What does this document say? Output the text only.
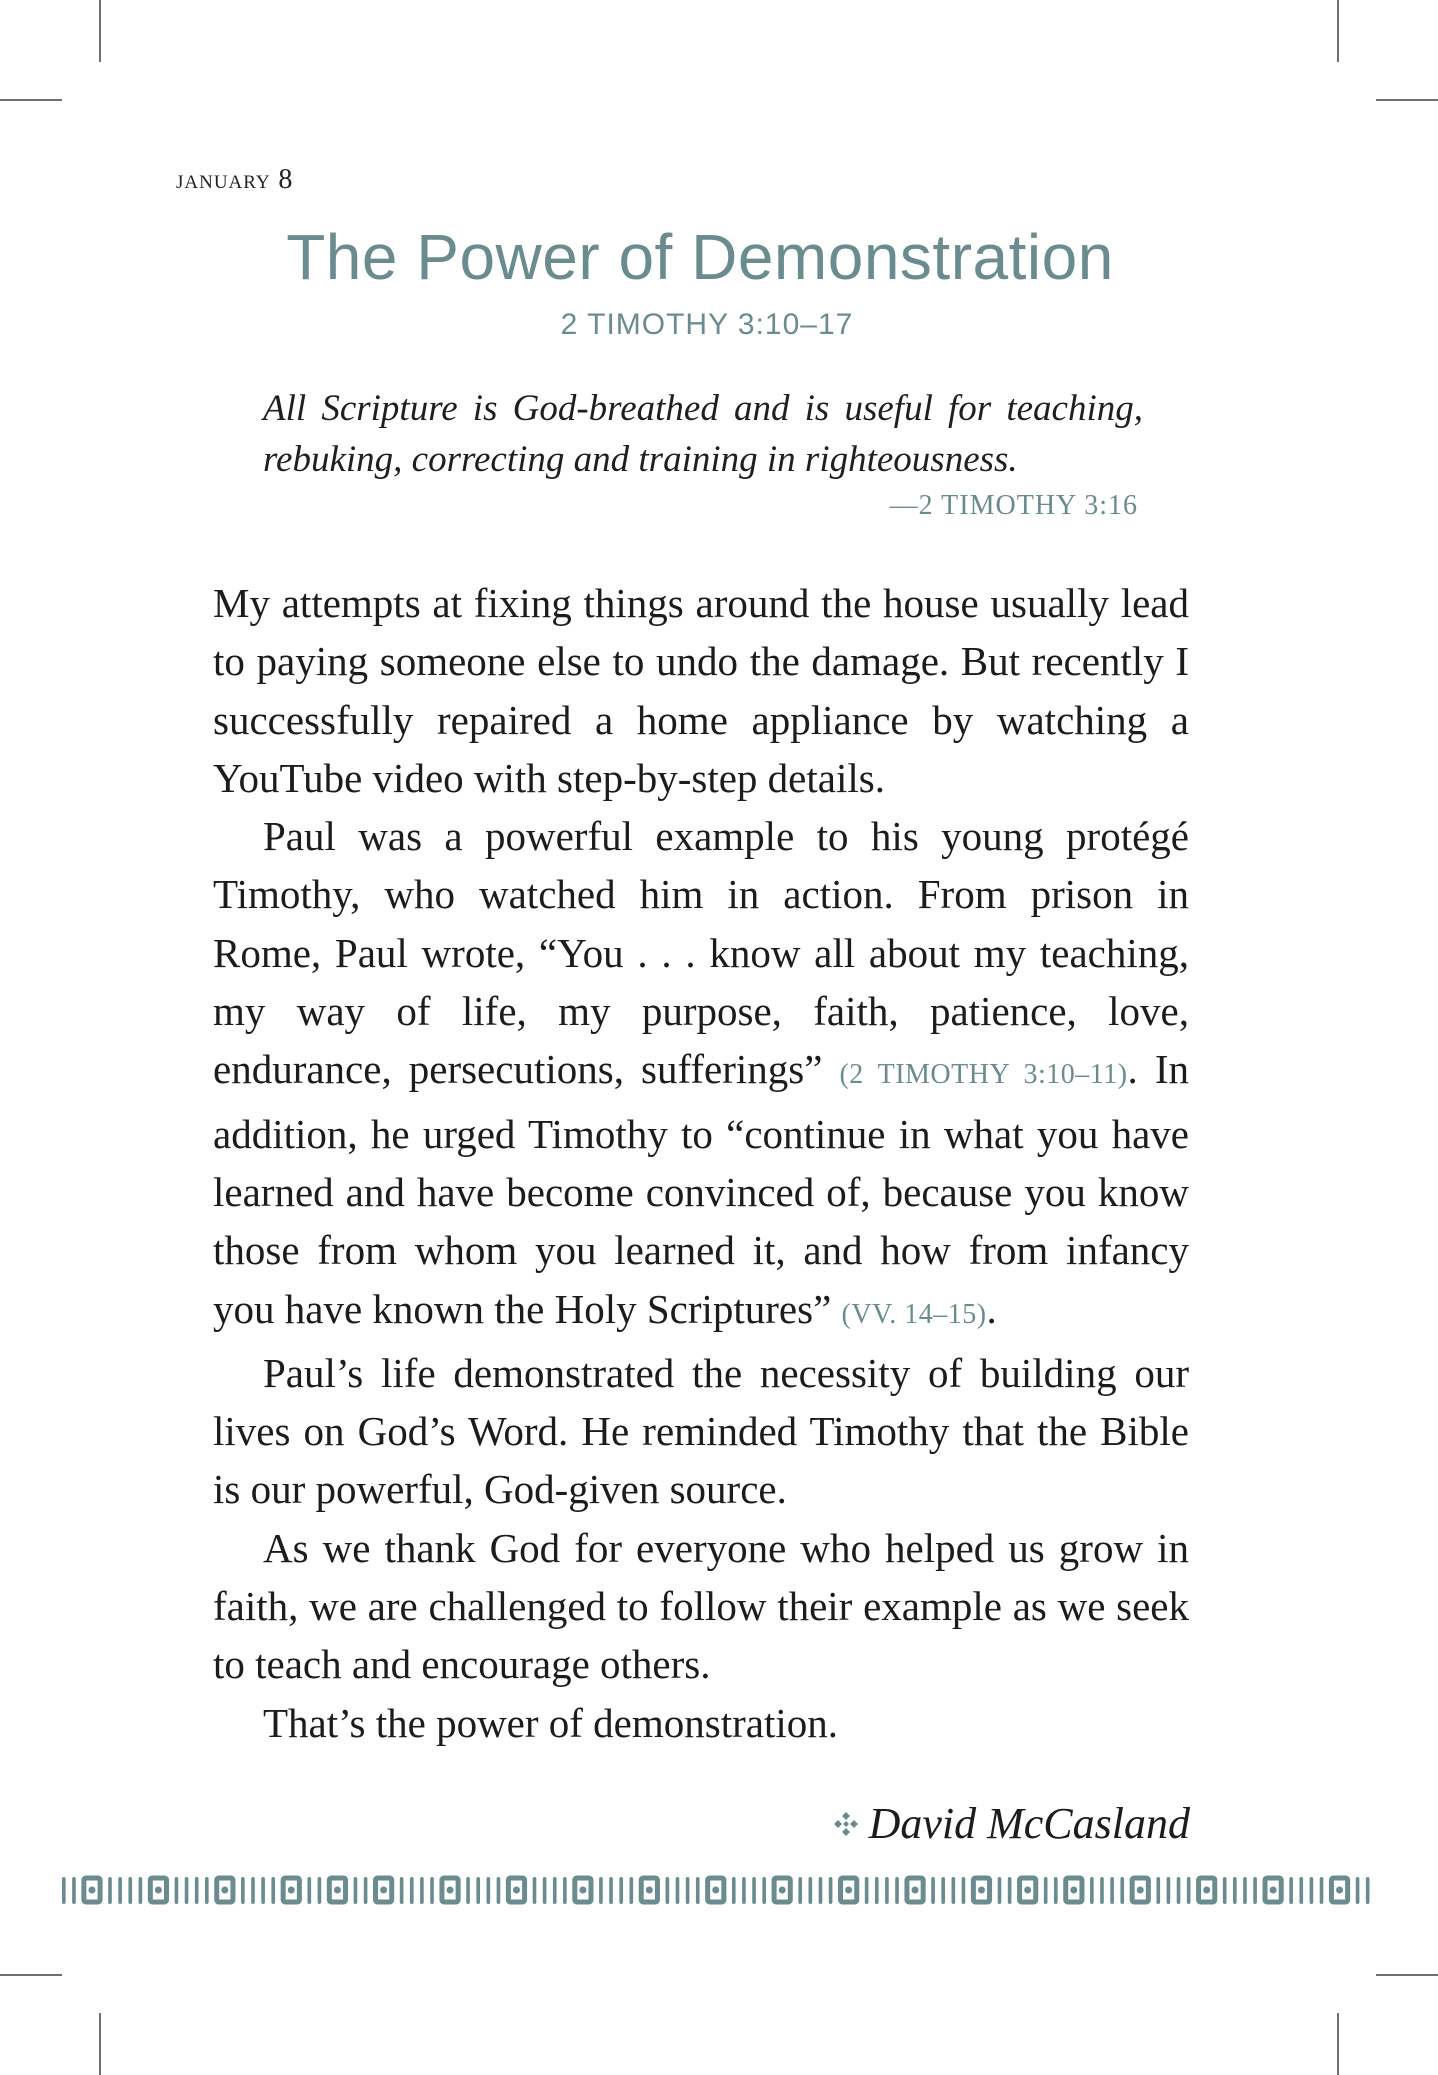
january 8
The Power of Demonstration
2 TIMOTHY 3:10–17
All Scripture is God-breathed and is useful for teaching, rebuking, correcting and training in righteousness.
—2 TIMOTHY 3:16

My attempts at fixing things around the house usually lead to paying someone else to undo the damage. But recently I successfully repaired a home appliance by watching a YouTube video with step-by-step details.

Paul was a powerful example to his young protégé Timothy, who watched him in action. From prison in Rome, Paul wrote, “You . . . know all about my teaching, my way of life, my purpose, faith, patience, love, endurance, persecutions, sufferings” (2 TIMOTHY 3:10–11). In addition, he urged Timothy to “continue in what you have learned and have become convinced of, because you know those from whom you learned it, and how from infancy you have known the Holy Scriptures” (VV. 14–15).

Paul’s life demonstrated the necessity of building our lives on God’s Word. He reminded Timothy that the Bible is our powerful, God-given source.

As we thank God for everyone who helped us grow in faith, we are challenged to follow their example as we seek to teach and encourage others.

That’s the power of demonstration.

David McCasland
